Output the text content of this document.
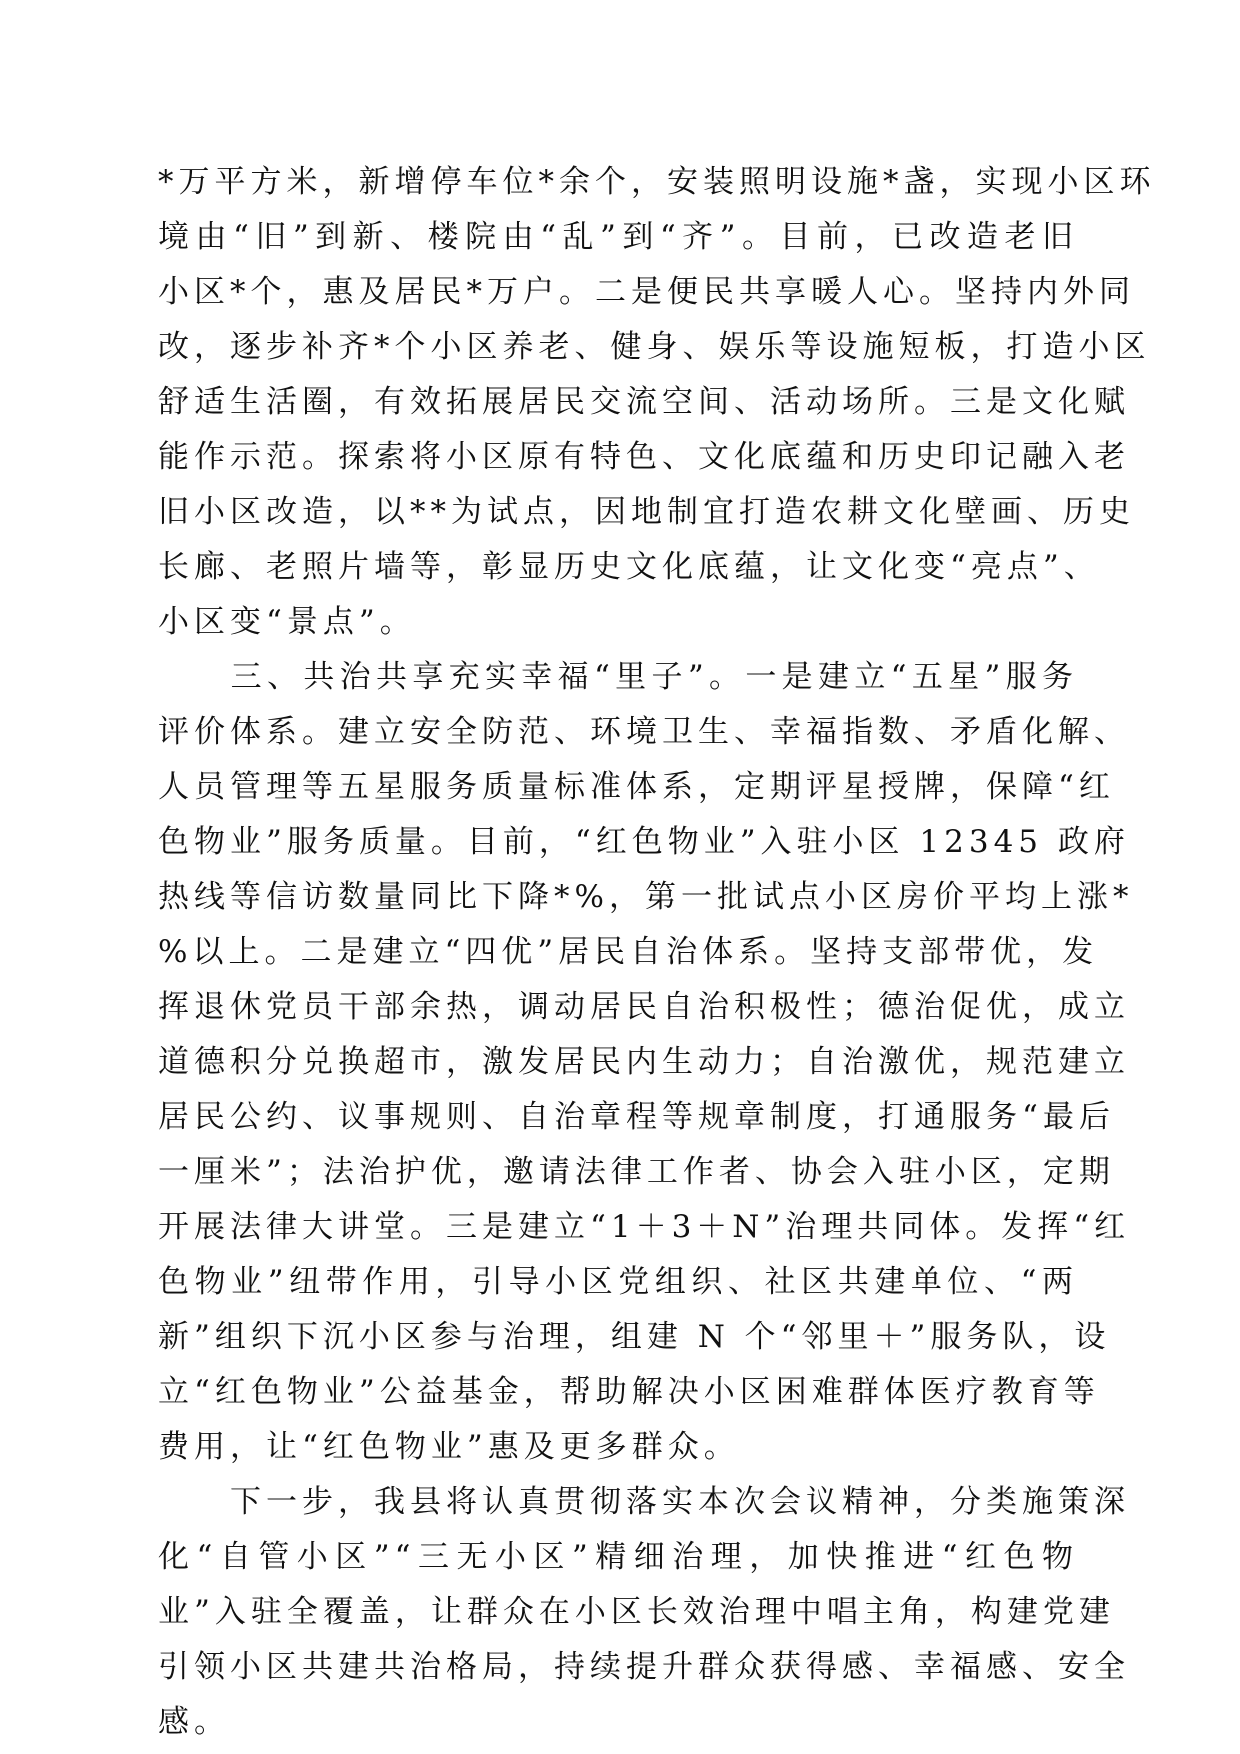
*万平方米，新增停车位*余个，安装照明设施*盏，实现小区环
境由“旧”到新、楼院由“乱”到“齐”。目前，已改造老旧
小区*个，惠及居民*万户。二是便民共享暖人心。坚持内外同
改，逐步补齐*个小区养老、健身、娱乐等设施短板，打造小区
舒适生活圈，有效拓展居民交流空间、活动场所。三是文化赋
能作示范。探索将小区原有特色、文化底蕴和历史印记融入老
旧小区改造，以**为试点，因地制宜打造农耕文化壁画、历史
长廊、老照片墙等，彰显历史文化底蕴，让文化变“亮点”、
小区变“景点”。
　　三、共治共享充实幸福“里子”。一是建立“五星”服务
评价体系。建立安全防范、环境卫生、幸福指数、矛盾化解、
人员管理等五星服务质量标准体系，定期评星授牌，保障“红
色物业”服务质量。目前，“红色物业”入驻小区 12345 政府
热线等信访数量同比下降*%，第一批试点小区房价平均上涨*
%以上。二是建立“四优”居民自治体系。坚持支部带优，发
挥退休党员干部余热，调动居民自治积极性；德治促优，成立
道德积分兑换超市，激发居民内生动力；自治激优，规范建立
居民公约、议事规则、自治章程等规章制度，打通服务“最后
一厘米”；法治护优，邀请法律工作者、协会入驻小区，定期
开展法律大讲堂。三是建立“1＋3＋N”治理共同体。发挥“红
色物业”纽带作用，引导小区党组织、社区共建单位、“两
新”组织下沉小区参与治理，组建 N 个“邻里＋”服务队，设
立“红色物业”公益基金，帮助解决小区困难群体医疗教育等
费用，让“红色物业”惠及更多群众。
　　下一步，我县将认真贯彻落实本次会议精神，分类施策深
化“自管小区”“三无小区”精细治理，加快推进“红色物
业”入驻全覆盖，让群众在小区长效治理中唱主角，构建党建
引领小区共建共治格局，持续提升群众获得感、幸福感、安全
感。
